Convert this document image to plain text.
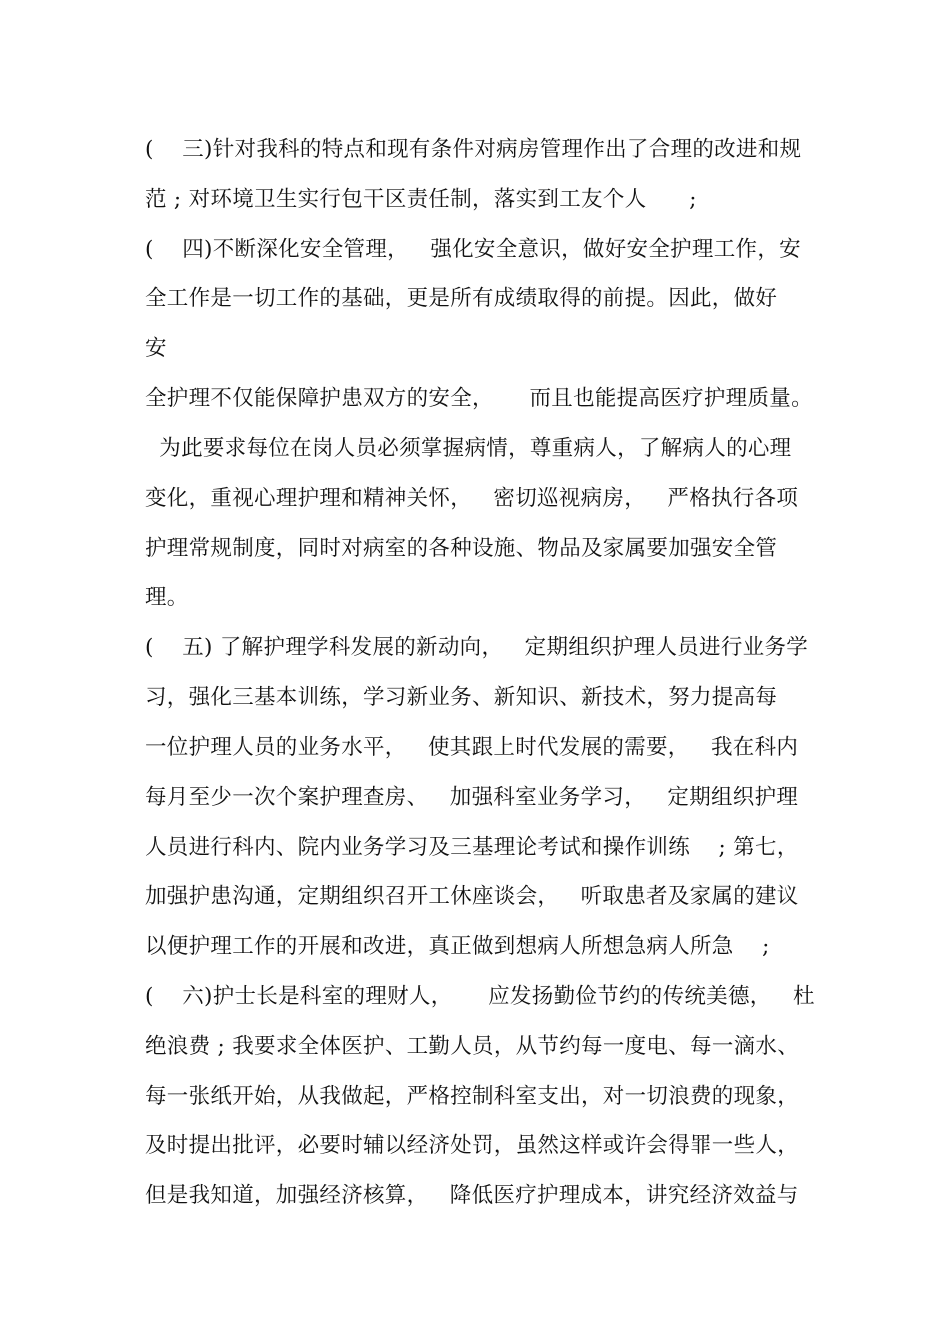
(    三)针对我科的特点和现有条件对病房管理作出了合理的改进和规
范 ; 对环境卫生实行包干区责任制，落实到工友个人      ;
(    四)不断深化安全管理，   强化安全意识，做好安全护理工作，安
全工作是一切工作的基础，更是所有成绩取得的前提。因此，做好
安
全护理不仅能保障护患双方的安全，     而且也能提高医疗护理质量。
为此要求每位在岗人员必须掌握病情，尊重病人，了解病人的心理
变化，重视心理护理和精神关怀，   密切巡视病房，   严格执行各项
护理常规制度，同时对病室的各种设施、物品及家属要加强安全管
理。
(    五) 了解护理学科发展的新动向，   定期组织护理人员进行业务学
习，强化三基本训练，学习新业务、新知识、新技术，努力提高每
一位护理人员的业务水平，   使其跟上时代发展的需要，   我在科内
每月至少一次个案护理查房、   加强科室业务学习，   定期组织护理
人员进行科内、院内业务学习及三基理论考试和操作训练    ; 第七，
加强护患沟通，定期组织召开工休座谈会，   听取患者及家属的建议
以便护理工作的开展和改进，真正做到想病人所想急病人所急    ;
(    六)护士长是科室的理财人，     应发扬勤俭节约的传统美德，   杜
绝浪费 ; 我要求全体医护、工勤人员，从节约每一度电、每一滴水、
每一张纸开始，从我做起，严格控制科室支出，对一切浪费的现象，
及时提出批评，必要时辅以经济处罚，虽然这样或许会得罪一些人，
但是我知道，加强经济核算，   降低医疗护理成本，讲究经济效益与
